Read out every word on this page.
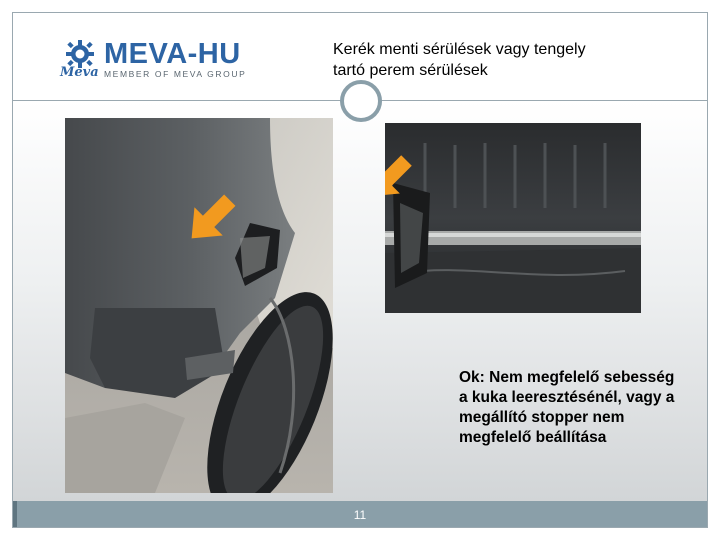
MEVA-HU
MEMBER OF MEVA GROUP
Meva
Kerék menti sérülések vagy tengely
tartó perem sérülések
Ok: Nem megfelelő sebesség a kuka leeresztésénél, vagy a megállító stopper nem megfelelő beállítása
11
